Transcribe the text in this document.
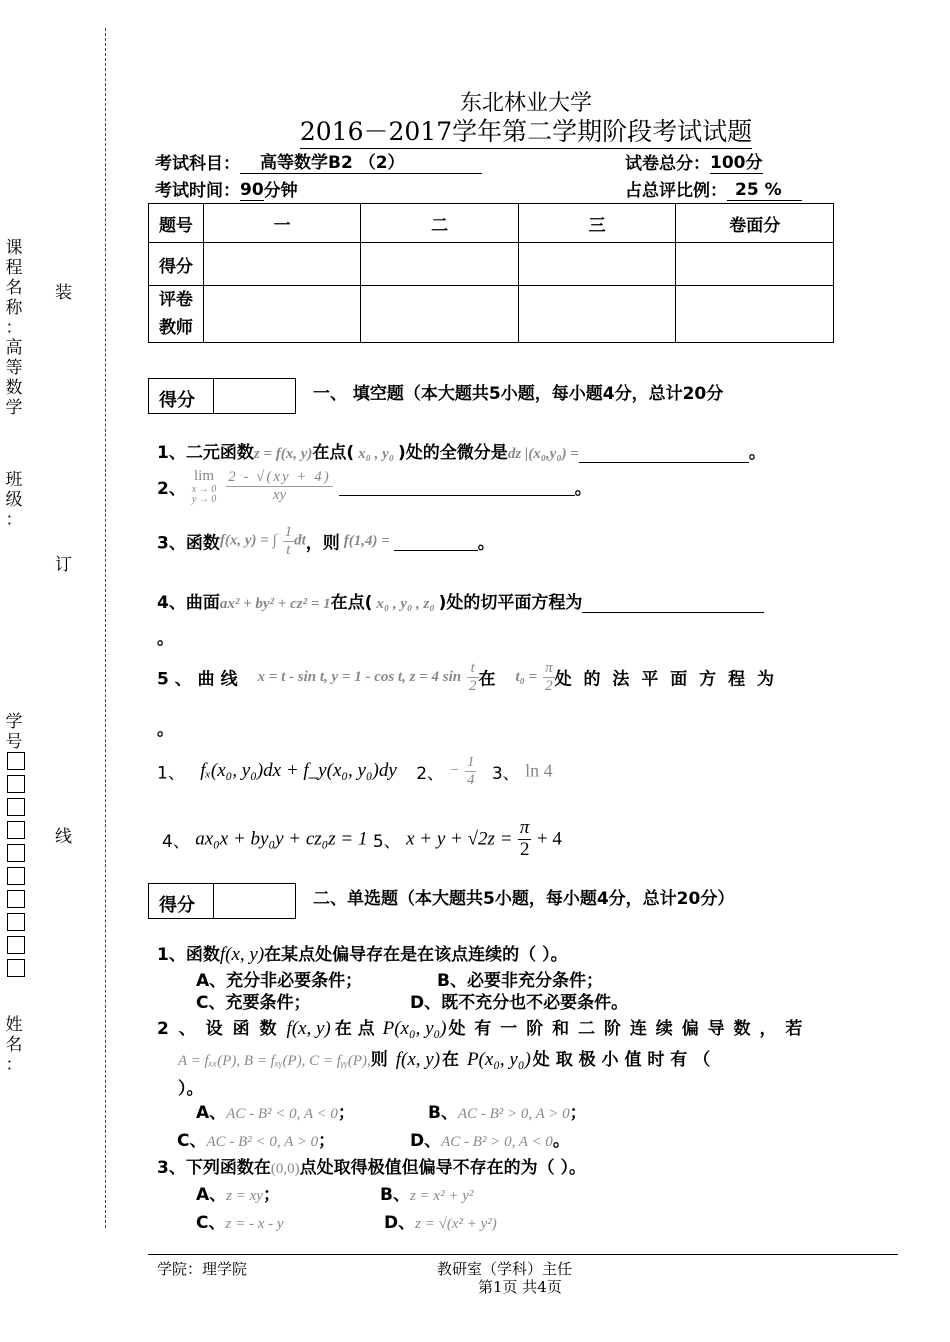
课
程
名
称
：
高
等
数
学
班
级
：
学
号
姓
名
：
装
订
线
东北林业大学
2016－2017学年第二学期阶段考试试题
考试科目： 高等数学B2 （2）	试卷总分：100分
考试时间：90分钟	占总评比例： 25 %
题号	一	二	三	卷面分
得分				
评卷
教师				
得分	一、 填空题（本大题共5小题，每小题4分，总计20分
1、二元函数z = f(x, y)在点( x₀ , y₀ )处的全微分是dz |(x₀,y₀) =	。
2、
lim
x → 0
y → 0
$\frac{2 - √(xy + 4)}{xy}$	。
3、函数f(x, y) = ∫ $\frac{1}{t}$ dt，则 f(1,4) =	。
4、曲面ax² + by² + cz² = 1在点( x₀ , y₀ , z₀ )处的切平面方程为
。
5 、 曲 线 x = t - sin t, y = 1 - cos t, z = 4 $\sin \frac{t}{2}$ 在 $t_0 = \frac{\pi}{2}$ 处 的 法 平 面 方 程 为
。
1、 fₓ(x₀, y₀)dx + f_y(x₀, y₀)dy 2、 − $\frac{1}{4} 3$、 ln 4
4、 ax₀x + by₀y + cz₀z = 1 5、 $x + y + √2z = \frac{\pi}{2} + 4$
得分	二、单选题（本大题共5小题，每小题4分，总计20分）
1、函数f(x, y)在某点处偏导存在是在该点连续的（ ）。
A、充分非必要条件；	B、必要非充分条件；
C、充要条件；	D、既不充分也不必要条件。
2 、 设 函 数 f(x, y) 在 点 P(x₀, y₀) 处 有 一 阶 和 二 阶 连 续 偏 导 数 ， 若
A = fₓₓ(P), B = fₓᵧ(P), C = fᵧᵧ(P),则 f(x, y) 在 P(x₀, y₀) 处 取 极 小 值 时 有 （
）。
A、AC - B² < 0, A < 0；	B、AC - B² > 0, A > 0；
C、AC - B² < 0, A > 0；	D、AC - B² > 0, A < 0。
3、下列函数在(0,0)点处取得极值但偏导不存在的为（ ）。
A、z = xy；	B、z = x² + y²
C、z = - x - y	D、z = √(x² + y²)
学院：理学院	教研室（学科）主任
第1页 共4页
